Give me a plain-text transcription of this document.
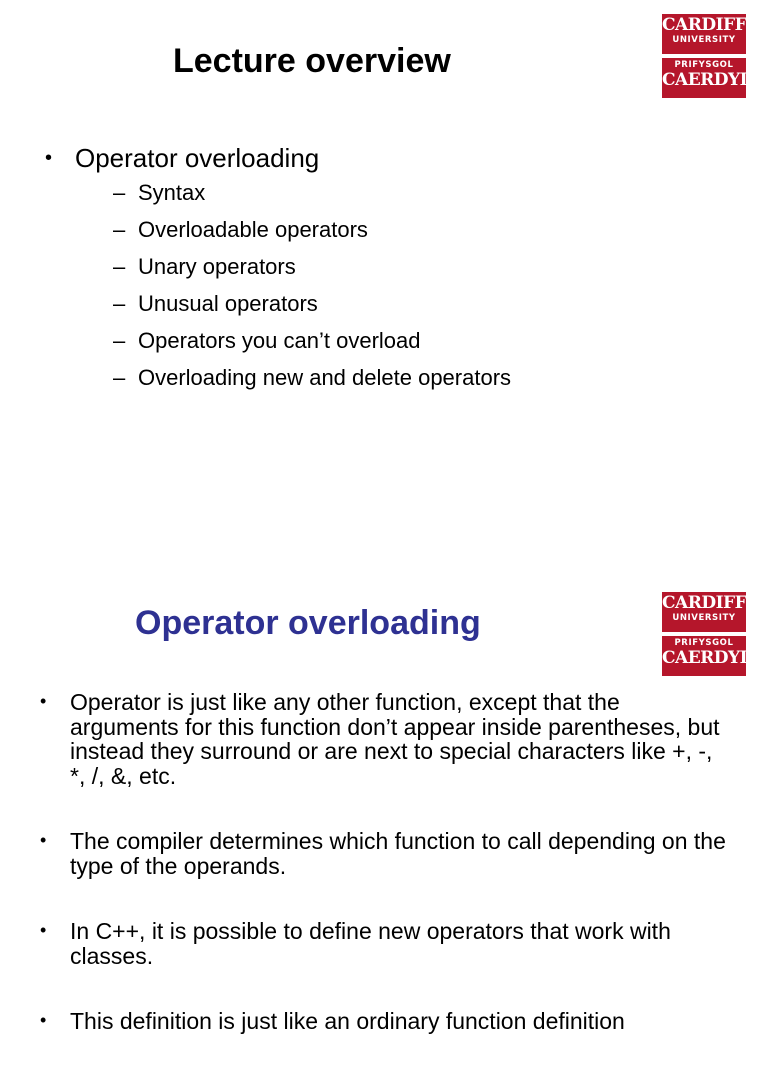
Lecture overview
CARDIFF
UNIVERSITY
PRIFYSGOL
CAERDYDD
• Operator overloading
– Syntax
– Overloadable operators
– Unary operators
– Unusual operators
– Operators you can’t overload
– Overloading new and delete operators
Operator overloading
CARDIFF
UNIVERSITY
PRIFYSGOL
CAERDYDD
• Operator is just like any other function, except that the arguments for this function don’t appear inside parentheses, but instead they surround or are next to special characters like +, -, *, /, &, etc.
• The compiler determines which function to call depending on the type of the operands.
• In C++, it is possible to define new operators that work with classes.
• This definition is just like an ordinary function definition
